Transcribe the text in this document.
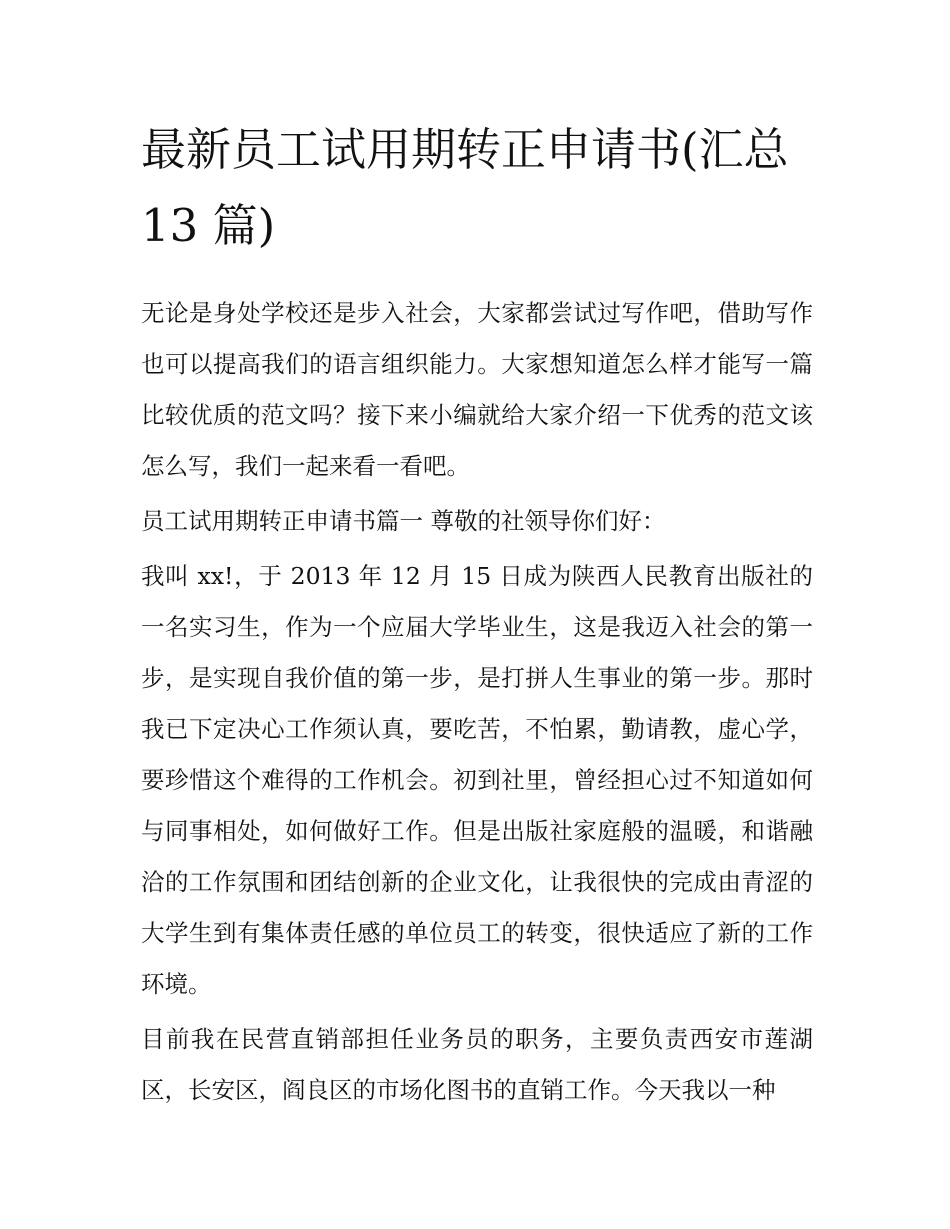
最新员工试用期转正申请书(汇总 13 篇)

无论是身处学校还是步入社会，大家都尝试过写作吧，借助写作也可以提高我们的语言组织能力。大家想知道怎么样才能写一篇比较优质的范文吗？接下来小编就给大家介绍一下优秀的范文该怎么写，我们一起来看一看吧。

员工试用期转正申请书篇一 尊敬的社领导你们好：

我叫 xx!，于 2013 年 12 月 15 日成为陕西人民教育出版社的一名实习生，作为一个应届大学毕业生，这是我迈入社会的第一步，是实现自我价值的第一步，是打拼人生事业的第一步。那时我已下定决心工作须认真，要吃苦，不怕累，勤请教，虚心学，要珍惜这个难得的工作机会。初到社里，曾经担心过不知道如何与同事相处，如何做好工作。但是出版社家庭般的温暖，和谐融洽的工作氛围和团结创新的企业文化，让我很快的完成由青涩的大学生到有集体责任感的单位员工的转变，很快适应了新的工作环境。

目前我在民营直销部担任业务员的职务，主要负责西安市莲湖区，长安区，阎良区的市场化图书的直销工作。今天我以一种
